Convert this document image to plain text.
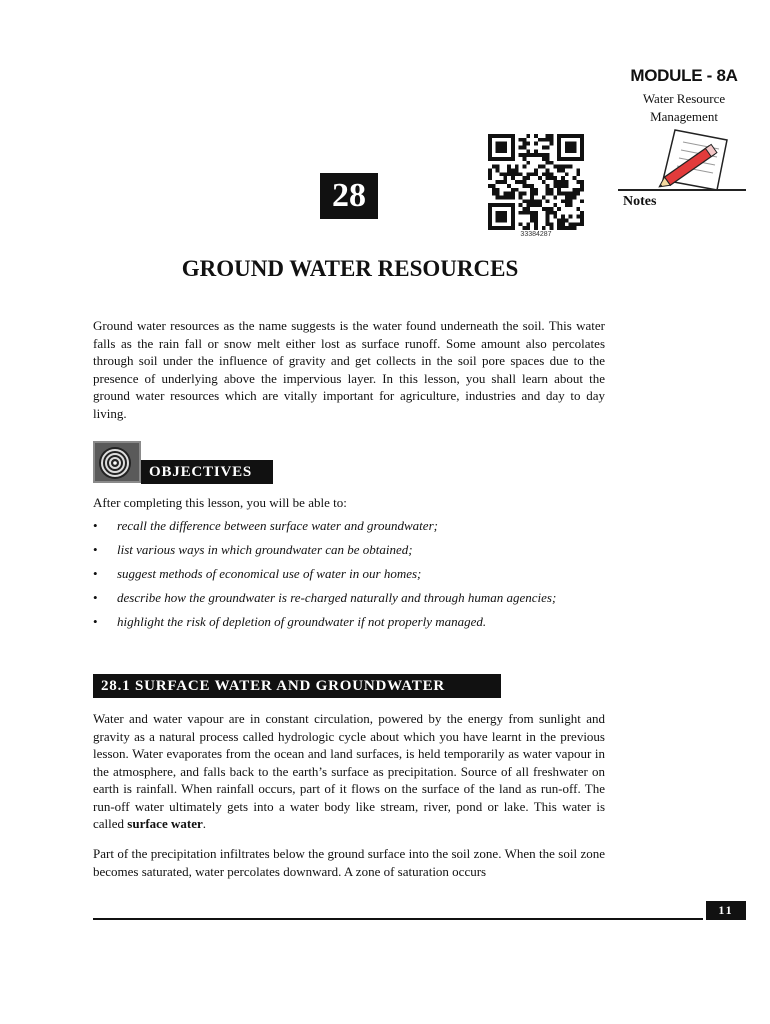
MODULE - 8A
Water Resource
Management
Notes
28
33384287
GROUND WATER RESOURCES
Ground water resources as the name suggests is the water found underneath the soil. This water falls as the rain fall or snow melt either lost as surface runoff. Some amount also percolates through soil under the influence of gravity and get collects in the soil pore spaces due to the presence of underlying above the impervious layer. In this lesson, you shall learn about the ground water resources which are vitally important for agriculture, industries and day to day living.
OBJECTIVES
After completing this lesson, you will be able to:
• recall the difference between surface water and groundwater;
• list various ways in which groundwater can be obtained;
• suggest methods of economical use of water in our homes;
• describe how the groundwater is re-charged naturally and through human agencies;
• highlight the risk of depletion of groundwater if not properly managed.
28.1 SURFACE WATER AND GROUNDWATER
Water and water vapour are in constant circulation, powered by the energy from sunlight and gravity as a natural process called hydrologic cycle about which you have learnt in the previous lesson. Water evaporates from the ocean and land surfaces, is held temporarily as water vapour in the atmosphere, and falls back to the earth’s surface as precipitation. Source of all freshwater on earth is rainfall. When rainfall occurs, part of it flows on the surface of the land as run-off. The run-off water ultimately gets into a water body like stream, river, pond or lake. This water is called surface water.
Part of the precipitation infiltrates below the ground surface into the soil zone. When the soil zone becomes saturated, water percolates downward. A zone of saturation occurs
11
